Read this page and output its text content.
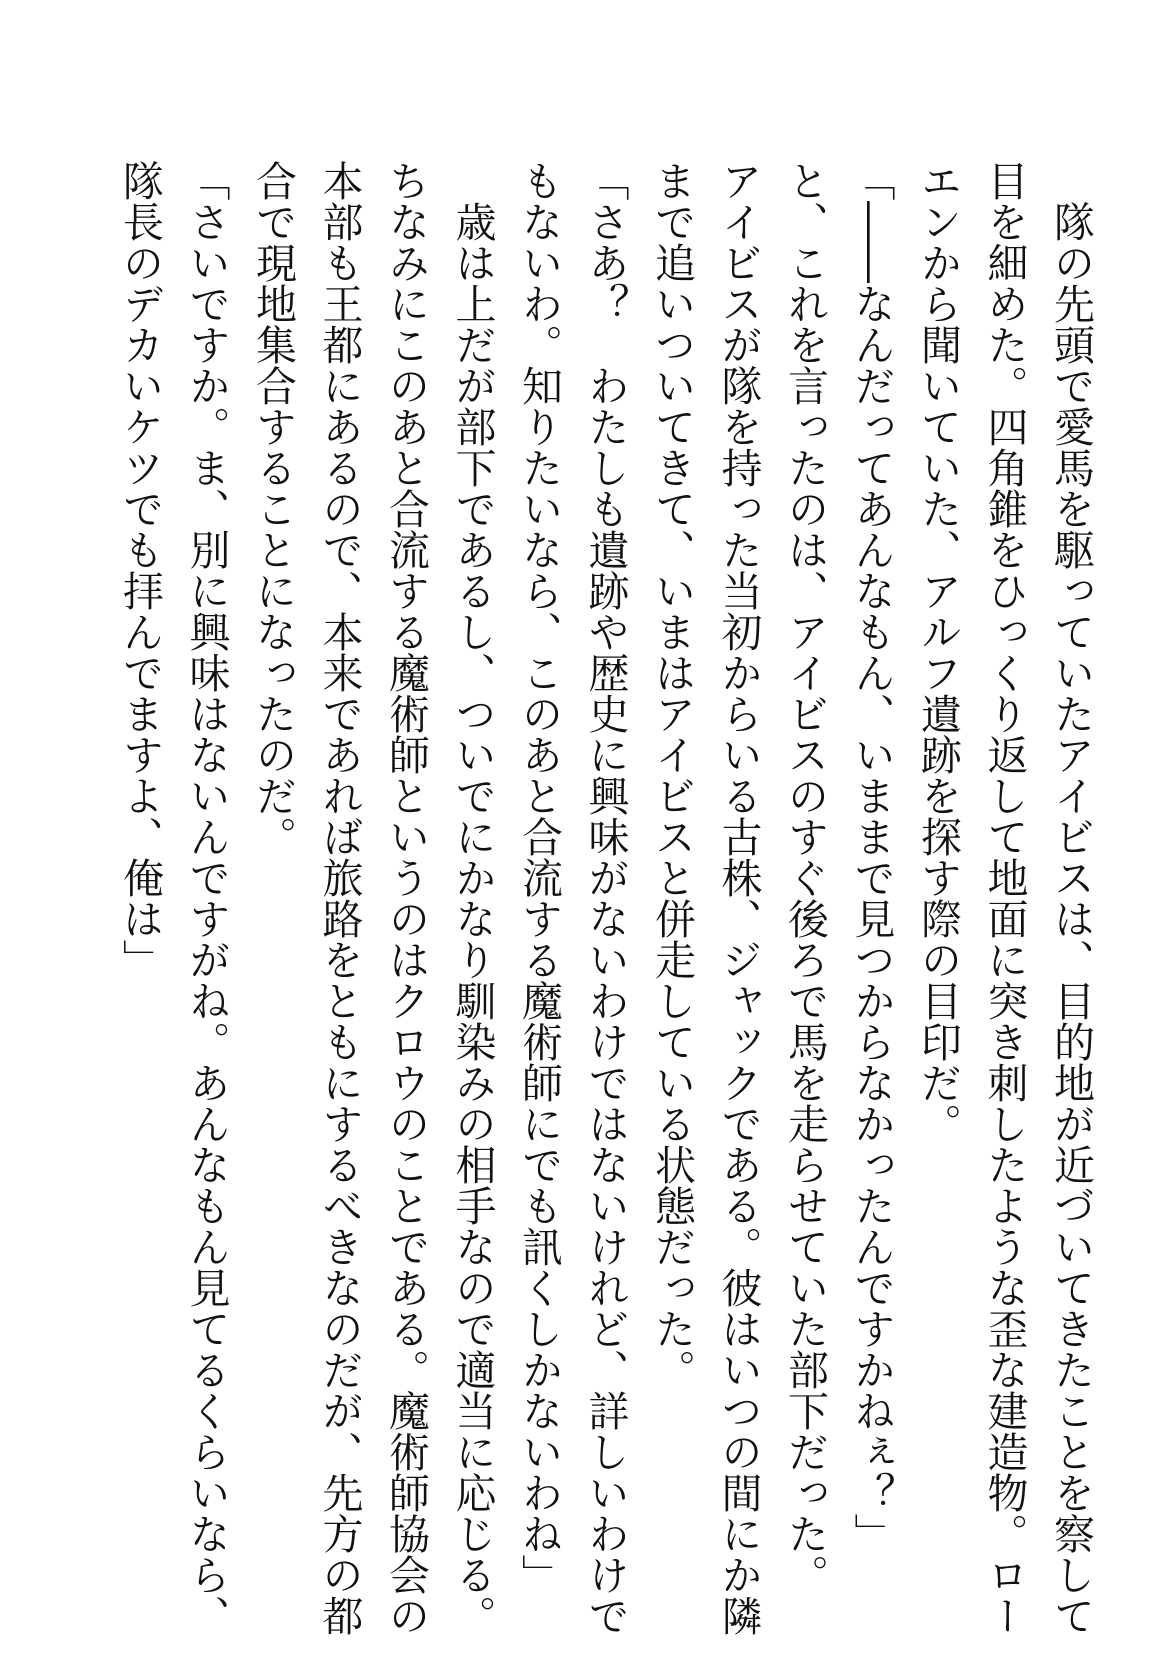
　隊の先頭で愛馬を駆っていたアイビスは、目的地が近づいてきたことを察して
目を細めた。四角錐をひっくり返して地面に突き刺したような歪な建造物。ロー
エンから聞いていた、アルフ遺跡を探す際の目印だ。
「――なんだってあんなもん、いままで見つからなかったんですかねぇ？」
と、これを言ったのは、アイビスのすぐ後ろで馬を走らせていた部下だった。
アイビスが隊を持った当初からいる古株、ジャックである。彼はいつの間にか隣
まで追いついてきて、いまはアイビスと併走している状態だった。
「さあ？　わたしも遺跡や歴史に興味がないわけではないけれど、詳しいわけで
もないわ。知りたいなら、このあと合流する魔術師にでも訊くしかないわね」
　歳は上だが部下であるし、ついでにかなり馴染みの相手なので適当に応じる。
ちなみにこのあと合流する魔術師というのはクロウのことである。魔術師協会の
本部も王都にあるので、本来であれば旅路をともにするべきなのだが、先方の都
合で現地集合することになったのだ。
「さいですか。ま、別に興味はないんですがね。あんなもん見てるくらいなら、
隊長のデカいケツでも拝んでますよ、俺は」
